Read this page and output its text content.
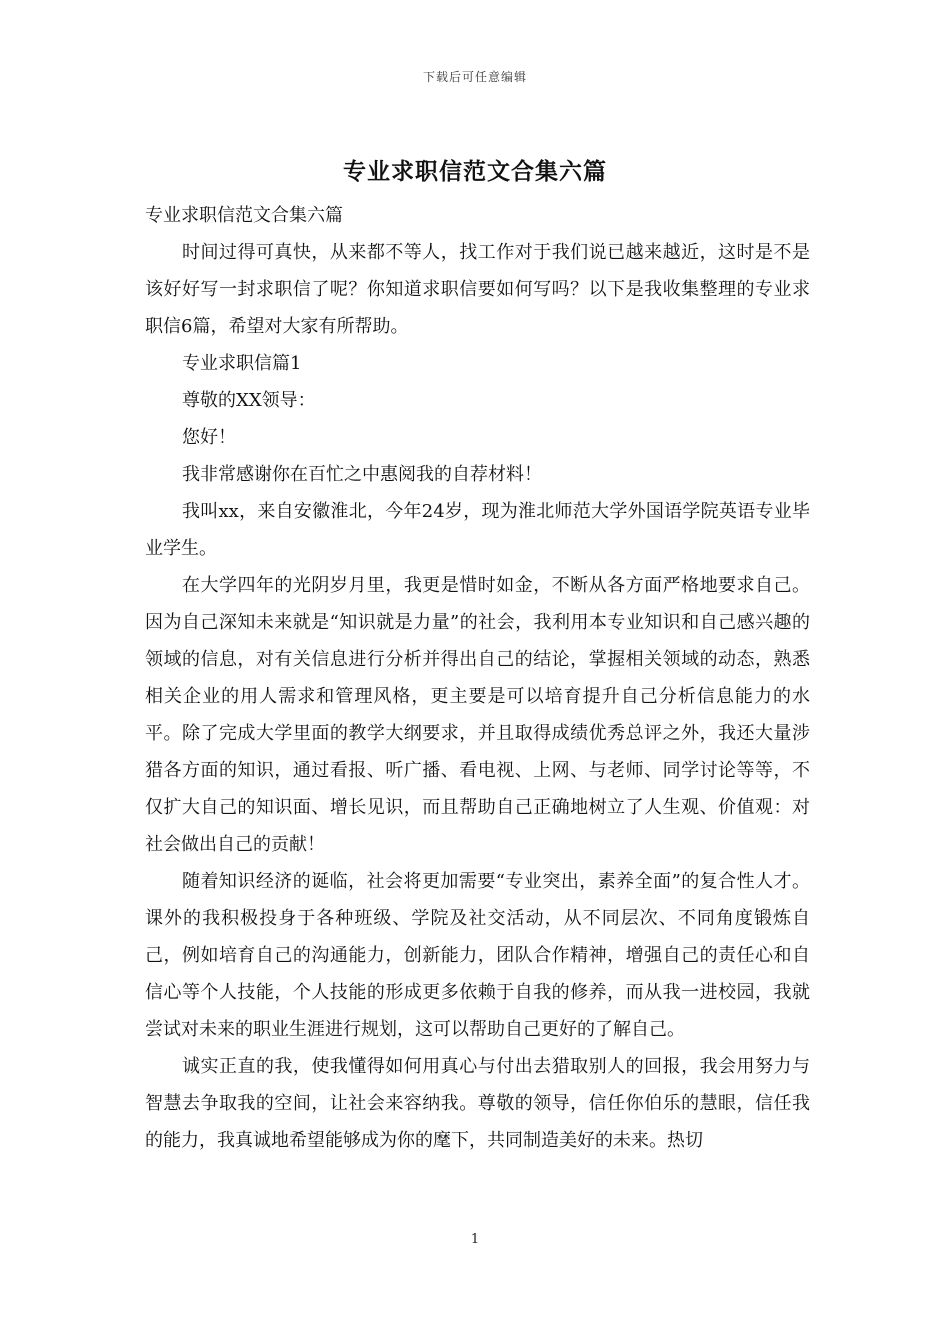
下载后可任意编辑
专业求职信范文合集六篇

专业求职信范文合集六篇

时间过得可真快，从来都不等人，找工作对于我们说已越来越近，这时是不是该好好写一封求职信了呢？你知道求职信要如何写吗？以下是我收集整理的专业求职信6篇，希望对大家有所帮助。

专业求职信篇1

尊敬的XX领导：

您好！

我非常感谢你在百忙之中惠阅我的自荐材料！

我叫xx，来自安徽淮北，今年24岁，现为淮北师范大学外国语学院英语专业毕业学生。

在大学四年的光阴岁月里，我更是惜时如金，不断从各方面严格地要求自己。因为自己深知未来就是“知识就是力量”的社会，我利用本专业知识和自己感兴趣的领域的信息，对有关信息进行分析并得出自己的结论，掌握相关领域的动态，熟悉相关企业的用人需求和管理风格，更主要是可以培育提升自己分析信息能力的水平。除了完成大学里面的教学大纲要求，并且取得成绩优秀总评之外，我还大量涉猎各方面的知识，通过看报、听广播、看电视、上网、与老师、同学讨论等等，不仅扩大自己的知识面、增长见识，而且帮助自己正确地树立了人生观、价值观：对社会做出自己的贡献！

随着知识经济的诞临，社会将更加需要“专业突出，素养全面”的复合性人才。课外的我积极投身于各种班级、学院及社交活动，从不同层次、不同角度锻炼自己，例如培育自己的沟通能力，创新能力，团队合作精神，增强自己的责任心和自信心等个人技能，个人技能的形成更多依赖于自我的修养，而从我一进校园，我就尝试对未来的职业生涯进行规划，这可以帮助自己更好的了解自己。

诚实正直的我，使我懂得如何用真心与付出去猎取别人的回报，我会用努力与智慧去争取我的空间，让社会来容纳我。尊敬的领导，信任你伯乐的慧眼，信任我的能力，我真诚地希望能够成为你的麾下，共同制造美好的未来。热切

1
